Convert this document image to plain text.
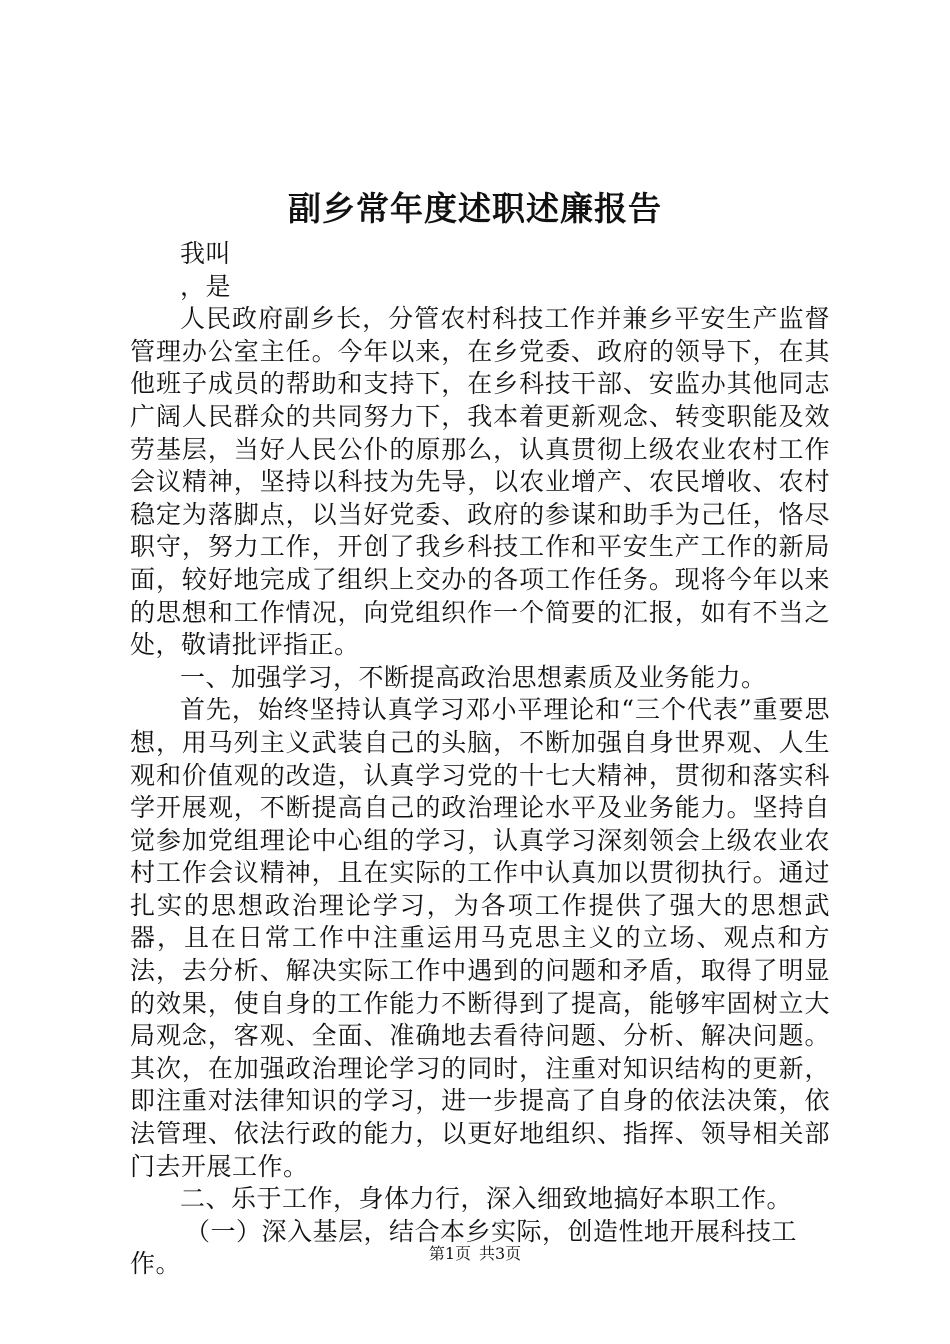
副乡常年度述职述廉报告

我叫

，是

人民政府副乡长，分管农村科技工作并兼乡平安生产监督管理办公室主任。今年以来，在乡党委、政府的领导下，在其他班子成员的帮助和支持下，在乡科技干部、安监办其他同志广阔人民群众的共同努力下，我本着更新观念、转变职能及效劳基层，当好人民公仆的原那么，认真贯彻上级农业农村工作会议精神，坚持以科技为先导，以农业增产、农民增收、农村稳定为落脚点，以当好党委、政府的参谋和助手为己任，恪尽职守，努力工作，开创了我乡科技工作和平安生产工作的新局面，较好地完成了组织上交办的各项工作任务。现将今年以来的思想和工作情况，向党组织作一个简要的汇报，如有不当之处，敬请批评指正。

一、加强学习，不断提高政治思想素质及业务能力。

首先，始终坚持认真学习邓小平理论和“三个代表”重要思想，用马列主义武装自己的头脑，不断加强自身世界观、人生观和价值观的改造，认真学习党的十七大精神，贯彻和落实科学开展观，不断提高自己的政治理论水平及业务能力。坚持自觉参加党组理论中心组的学习，认真学习深刻领会上级农业农村工作会议精神，且在实际的工作中认真加以贯彻执行。通过扎实的思想政治理论学习，为各项工作提供了强大的思想武器，且在日常工作中注重运用马克思主义的立场、观点和方法，去分析、解决实际工作中遇到的问题和矛盾，取得了明显的效果，使自身的工作能力不断得到了提高，能够牢固树立大局观念，客观、全面、准确地去看待问题、分析、解决问题。其次，在加强政治理论学习的同时，注重对知识结构的更新，即注重对法律知识的学习，进一步提高了自身的依法决策，依法管理、依法行政的能力，以更好地组织、指挥、领导相关部门去开展工作。

二、乐于工作，身体力行，深入细致地搞好本职工作。

（一）深入基层，结合本乡实际，创造性地开展科技工作。	第1页 共3页
